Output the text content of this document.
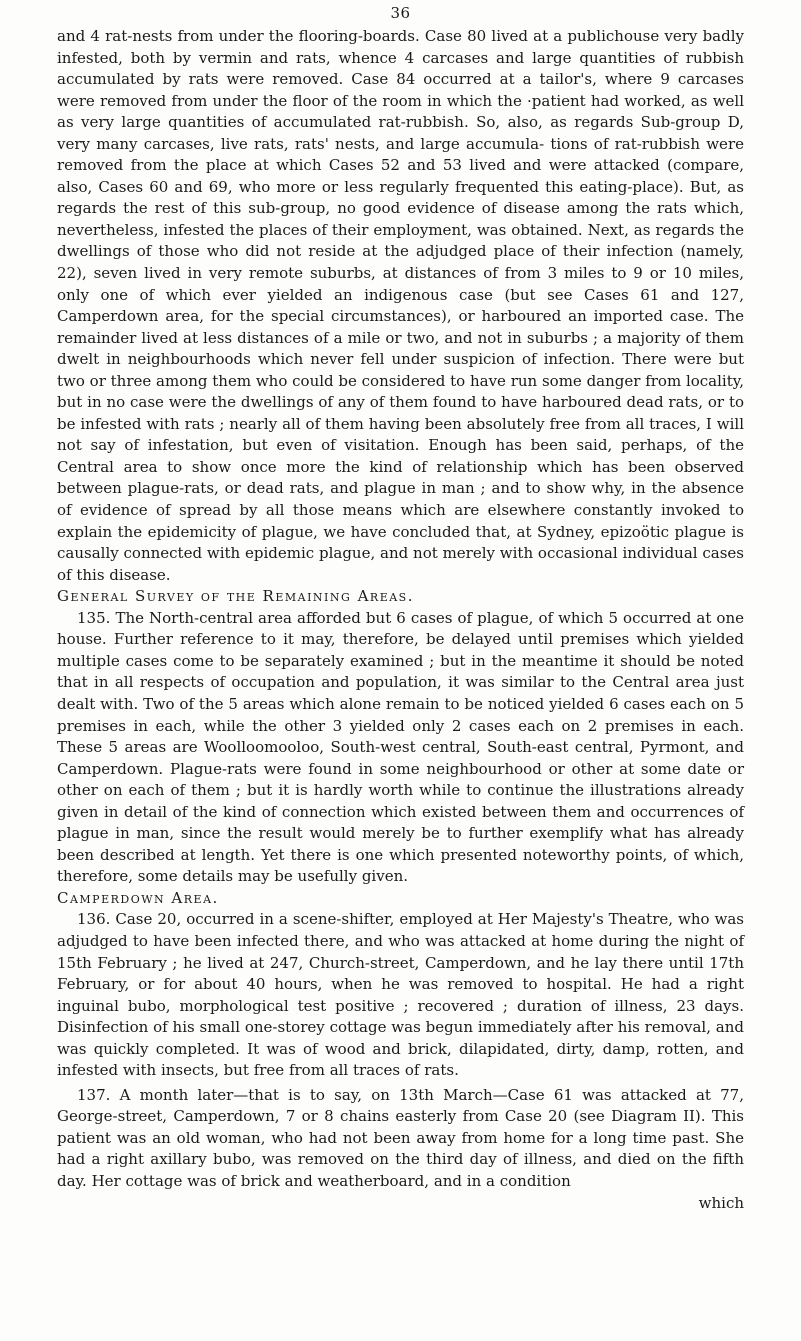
36

and 4 rat-nests from under the flooring-boards. Case 80 lived at a publichouse very badly infested, both by vermin and rats, whence 4 carcases and large quantities of rubbish accumulated by rats were removed. Case 84 occurred at a tailor's, where 9 carcases were removed from under the floor of the room in which the ·patient had worked, as well as very large quantities of accumulated rat-rubbish. So, also, as regards Sub-group D, very many carcases, live rats, rats' nests, and large accumula- tions of rat-rubbish were removed from the place at which Cases 52 and 53 lived and were attacked (compare, also, Cases 60 and 69, who more or less regularly frequented this eating-place). But, as regards the rest of this sub-group, no good evidence of disease among the rats which, nevertheless, infested the places of their employment, was obtained. Next, as regards the dwellings of those who did not reside at the adjudged place of their infection (namely, 22), seven lived in very remote suburbs, at distances of from 3 miles to 9 or 10 miles, only one of which ever yielded an indigenous case (but see Cases 61 and 127, Camperdown area, for the special circumstances), or harboured an imported case. The remainder lived at less distances of a mile or two, and not in suburbs ; a majority of them dwelt in neighbourhoods which never fell under suspicion of infection. There were but two or three among them who could be considered to have run some danger from locality, but in no case were the dwellings of any of them found to have harboured dead rats, or to be infested with rats ; nearly all of them having been absolutely free from all traces, I will not say of infestation, but even of visitation. Enough has been said, perhaps, of the Central area to show once more the kind of relationship which has been observed between plague-rats, or dead rats, and plague in man ; and to show why, in the absence of evidence of spread by all those means which are elsewhere constantly invoked to explain the epidemicity of plague, we have concluded that, at Sydney, epizoötic plague is causally connected with epidemic plague, and not merely with occasional individual cases of this disease.

General Survey of the Remaining Areas.

135. The North-central area afforded but 6 cases of plague, of which 5 occurred at one house. Further reference to it may, therefore, be delayed until premises which yielded multiple cases come to be separately examined ; but in the meantime it should be noted that in all respects of occupation and population, it was similar to the Central area just dealt with. Two of the 5 areas which alone remain to be noticed yielded 6 cases each on 5 premises in each, while the other 3 yielded only 2 cases each on 2 premises in each. These 5 areas are Woolloomooloo, South-west central, South-east central, Pyrmont, and Camperdown. Plague-rats were found in some neighbourhood or other at some date or other on each of them ; but it is hardly worth while to continue the illustrations already given in detail of the kind of connection which existed between them and occurrences of plague in man, since the result would merely be to further exemplify what has already been described at length. Yet there is one which presented noteworthy points, of which, therefore, some details may be usefully given.

Camperdown Area.

136. Case 20, occurred in a scene-shifter, employed at Her Majesty's Theatre, who was adjudged to have been infected there, and who was attacked at home during the night of 15th February ; he lived at 247, Church-street, Camperdown, and he lay there until 17th February, or for about 40 hours, when he was removed to hospital. He had a right inguinal bubo, morphological test positive ; recovered ; duration of illness, 23 days. Disinfection of his small one-storey cottage was begun immediately after his removal, and was quickly completed. It was of wood and brick, dilapidated, dirty, damp, rotten, and infested with insects, but free from all traces of rats.

137. A month later—that is to say, on 13th March—Case 61 was attacked at 77, George-street, Camperdown, 7 or 8 chains easterly from Case 20 (see Diagram II). This patient was an old woman, who had not been away from home for a long time past. She had a right axillary bubo, was removed on the third day of illness, and died on the fifth day. Her cottage was of brick and weatherboard, and in a condition

which
